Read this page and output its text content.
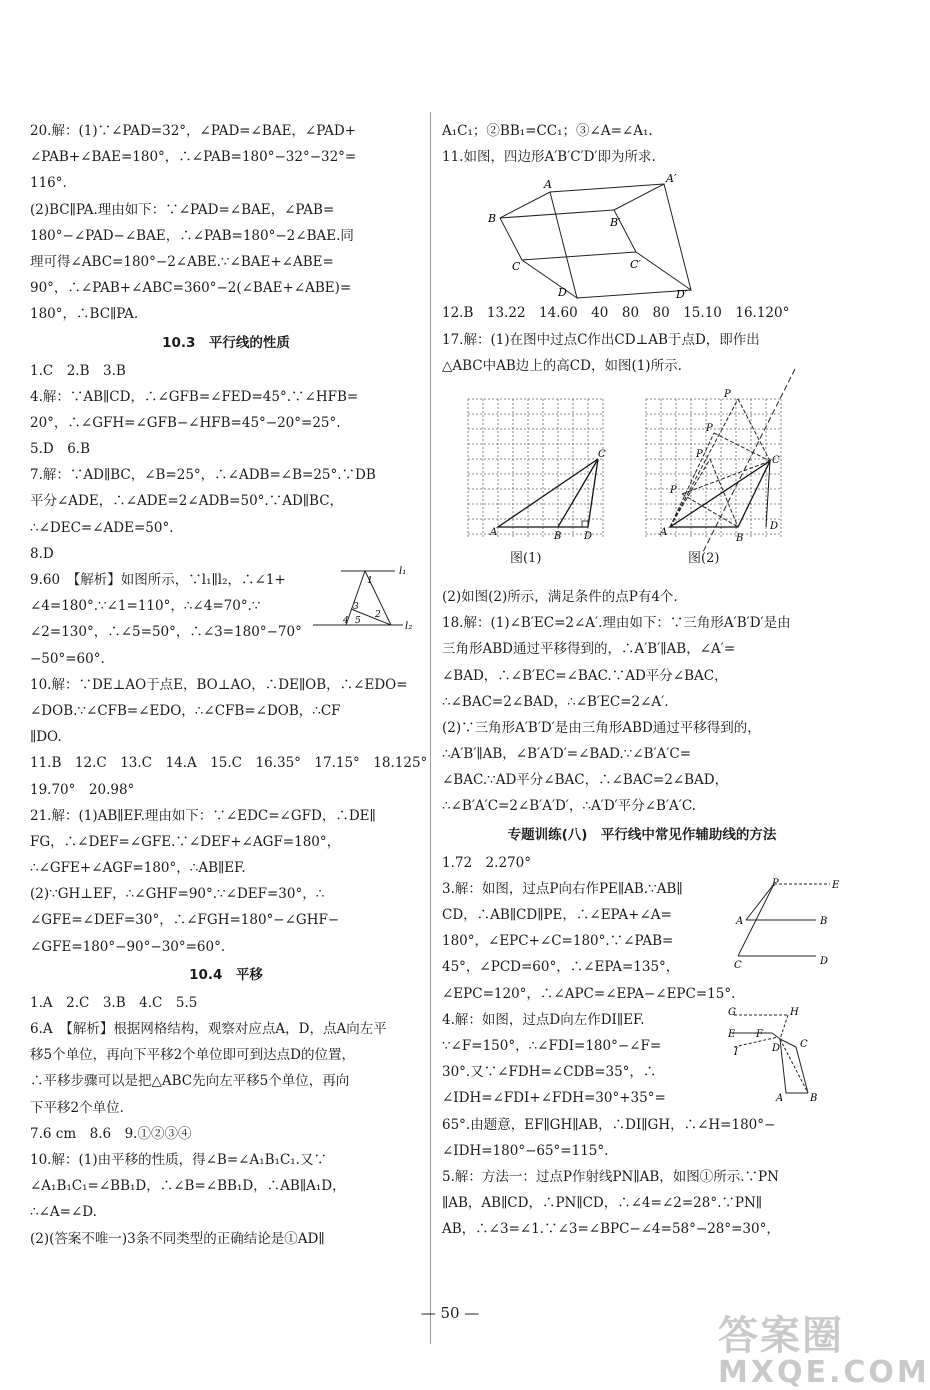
20.解：(1)∵∠PAD=32°，∠PAD=∠BAE，∠PAD+
∠PAB+∠BAE=180°，∴∠PAB=180°−32°−32°=
116°.
(2)BC∥PA.理由如下：∵∠PAD=∠BAE，∠PAB=
180°−∠PAD−∠BAE，∴∠PAB=180°−2∠BAE.同
理可得∠ABC=180°−2∠ABE.∵∠BAE+∠ABE=
90°，∴∠PAB+∠ABC=360°−2(∠BAE+∠ABE)=
180°，∴BC∥PA.
10.3　平行线的性质
1.C　2.B　3.B
4.解：∵AB∥CD，∴∠GFB=∠FED=45°.∵∠HFB=
20°，∴∠GFH=∠GFB−∠HFB=45°−20°=25°.
5.D　6.B
7.解：∵AD∥BC，∠B=25°，∴∠ADB=∠B=25°.∵DB
平分∠ADE，∴∠ADE=2∠ADB=50°.∵AD∥BC，
∴∠DEC=∠ADE=50°.
8.D
9.60　【解析】如图所示，∵l₁∥l₂，∴∠1+
∠4=180°.∵∠1=110°，∴∠4=70°.∵
∠2=130°，∴∠5=50°，∴∠3=180°−70°
−50°=60°.
l₁
l₂
1
2
3
4 5
10.解：∵DE⊥AO于点E，BO⊥AO，∴DE∥OB，∴∠EDO=
∠DOB.∵∠CFB=∠EDO，∴∠CFB=∠DOB，∴CF
∥DO.
11.B　12.C　13.C　14.A　15.C　16.35°　17.15°　18.125°
19.70°　20.98°
21.解：(1)AB∥EF.理由如下：∵∠EDC=∠GFD，∴DE∥
FG，∴∠DEF=∠GFE.∵∠DEF+∠AGF=180°，
∴∠GFE+∠AGF=180°，∴AB∥EF.
(2)∵GH⊥EF，∴∠GHF=90°.∵∠DEF=30°，∴
∠GFE=∠DEF=30°，∴∠FGH=180°−∠GHF−
∠GFE=180°−90°−30°=60°.
10.4　平移
1.A　2.C　3.B　4.C　5.5
6.A　【解析】根据网格结构，观察对应点A，D，点A向左平
移5个单位，再向下平移2个单位即可到达点D的位置，
∴平移步骤可以是把△ABC先向左平移5个单位，再向
下平移2个单位.
7.6 cm　8.6　9.①②③④
10.解：(1)由平移的性质，得∠B=∠A₁B₁C₁.又∵
∠A₁B₁C₁=∠BB₁D，∴∠B=∠BB₁D，∴AB∥A₁D，
∴∠A=∠D.
(2)(答案不唯一)3条不同类型的正确结论是①AD∥
A₁C₁；②BB₁=CC₁；③∠A=∠A₁.
11.如图，四边形A′B′C′D′即为所求.
A	A′
B	B′
C	C′
D	D′
12.B　13.22　14.60　40　80　80　15.10　16.120°
17.解：(1)在图中过点C作出CD⊥AB于点D，即作出
△ABC中AB边上的高CD，如图(1)所示.
A	B
C
D
图(1)
P
P
P
P
A
B
C
D
图(2)
(2)如图(2)所示，满足条件的点P有4个.
18.解：(1)∠B′EC=2∠A′.理由如下：∵三角形A′B′D′是由
三角形ABD通过平移得到的，∴A′B′∥AB，∠A′=
∠BAD，∴∠B′EC=∠BAC.∵AD平分∠BAC，
∴∠BAC=2∠BAD，∴∠B′EC=2∠A′.
(2)∵三角形A′B′D′是由三角形ABD通过平移得到的，
∴A′B′∥AB，∠B′A′D′=∠BAD.∵∠B′A′C=
∠BAC.∵AD平分∠BAC，∴∠BAC=2∠BAD，
∴∠B′A′C=2∠B′A′D′，∴A′D′平分∠B′A′C.
专题训练(八)　平行线中常见作辅助线的方法
1.72　2.270°
3.解：如图，过点P向右作PE∥AB.∵AB∥
CD，∴AB∥CD∥PE，∴∠EPA+∠A=
180°，∠EPC+∠C=180°.∵∠PAB=
45°，∠PCD=60°，∴∠EPA=135°，
∠EPC=120°，∴∠APC=∠EPA−∠EPC=15°.
P	E
A	B
C	D
4.解：如图，过点D向左作DI∥EF.
∵∠F=150°，∴∠FDI=180°−∠F=
30°.又∵∠FDH=∠CDB=35°，∴
∠IDH=∠FDI+∠FDH=30°+35°=
G	H
E F
I	D C
A	B
65°.由题意，EF∥GH∥AB，∴DI∥GH，∴∠H=180°−
∠IDH=180°−65°=115°.
5.解：方法一：过点P作射线PN∥AB，如图①所示.∵PN
∥AB，AB∥CD，∴PN∥CD，∴∠4=∠2=28°.∵PN∥
AB，∴∠3=∠1.∵∠3=∠BPC−∠4=58°−28°=30°，
— 50 —	答案圈
MXQE.COM
